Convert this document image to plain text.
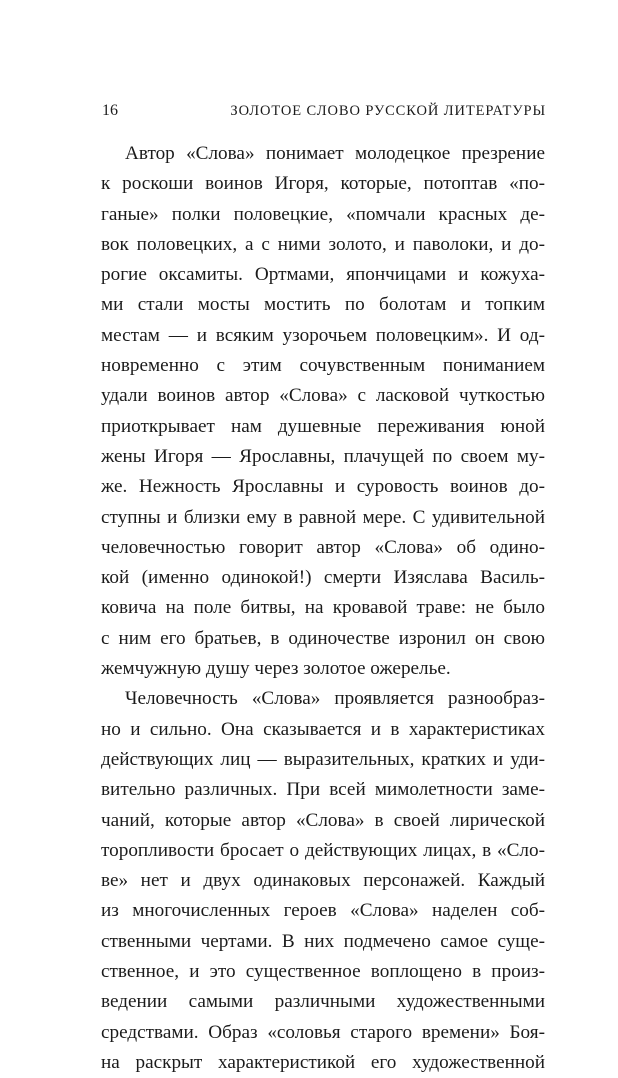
16	ЗОЛОТОЕ СЛОВО РУССКОЙ ЛИТЕРАТУРЫ
Автор «Слова» понимает молодецкое презрение
к роскоши воинов Игоря, которые, потоптав «по-
ганые» полки половецкие, «помчали красных де-
вок половецких, а с ними золото, и паволоки, и до-
рогие оксамиты. Ортмами, япончицами и кожуха-
ми стали мосты мостить по болотам и топким
местам — и всяким узорочьем половецким». И од-
новременно с этим сочувственным пониманием
удали воинов автор «Слова» с ласковой чуткостью
приоткрывает нам душевные переживания юной
жены Игоря — Ярославны, плачущей по своем му-
же. Нежность Ярославны и суровость воинов до-
ступны и близки ему в равной мере. С удивительной
человечностью говорит автор «Слова» об одино-
кой (именно одинокой!) смерти Изяслава Василь-
ковича на поле битвы, на кровавой траве: не было
с ним его братьев, в одиночестве изронил он свою
жемчужную душу через золотое ожерелье.
Человечность «Слова» проявляется разнообраз-
но и сильно. Она сказывается и в характеристиках
действующих лиц — выразительных, кратких и уди-
вительно различных. При всей мимолетности заме-
чаний, которые автор «Слова» в своей лирической
торопливости бросает о действующих лицах, в «Сло-
ве» нет и двух одинаковых персонажей. Каждый
из многочисленных героев «Слова» наделен соб-
ственными чертами. В них подмечено самое суще-
ственное, и это существенное воплощено в произ-
ведении самыми различными художественными
средствами. Образ «соловья старого времени» Боя-
на раскрыт характеристикой его художественной
